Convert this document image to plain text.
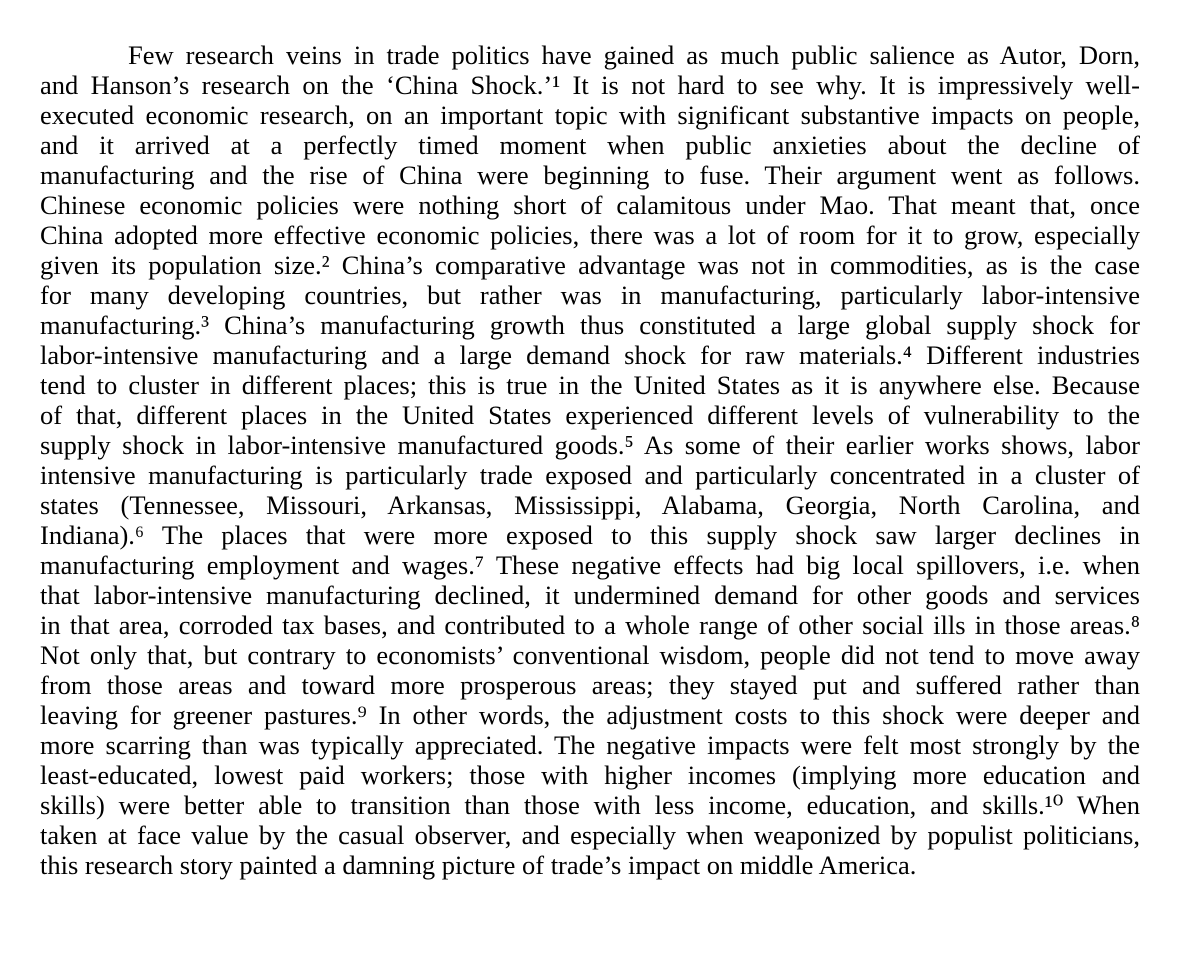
Few research veins in trade politics have gained as much public salience as Autor, Dorn,
and Hanson’s research on the ‘China Shock.’¹ It is not hard to see why. It is impressively well-
executed economic research, on an important topic with significant substantive impacts on people,
and it arrived at a perfectly timed moment when public anxieties about the decline of
manufacturing and the rise of China were beginning to fuse. Their argument went as follows.
Chinese economic policies were nothing short of calamitous under Mao. That meant that, once
China adopted more effective economic policies, there was a lot of room for it to grow, especially
given its population size.² China’s comparative advantage was not in commodities, as is the case
for many developing countries, but rather was in manufacturing, particularly labor-intensive
manufacturing.³ China’s manufacturing growth thus constituted a large global supply shock for
labor-intensive manufacturing and a large demand shock for raw materials.⁴ Different industries
tend to cluster in different places; this is true in the United States as it is anywhere else. Because
of that, different places in the United States experienced different levels of vulnerability to the
supply shock in labor-intensive manufactured goods.⁵ As some of their earlier works shows, labor
intensive manufacturing is particularly trade exposed and particularly concentrated in a cluster of
states (Tennessee, Missouri, Arkansas, Mississippi, Alabama, Georgia, North Carolina, and
Indiana).⁶ The places that were more exposed to this supply shock saw larger declines in
manufacturing employment and wages.⁷ These negative effects had big local spillovers, i.e. when
that labor-intensive manufacturing declined, it undermined demand for other goods and services
in that area, corroded tax bases, and contributed to a whole range of other social ills in those areas.⁸
Not only that, but contrary to economists’ conventional wisdom, people did not tend to move away
from those areas and toward more prosperous areas; they stayed put and suffered rather than
leaving for greener pastures.⁹ In other words, the adjustment costs to this shock were deeper and
more scarring than was typically appreciated. The negative impacts were felt most strongly by the
least-educated, lowest paid workers; those with higher incomes (implying more education and
skills) were better able to transition than those with less income, education, and skills.¹⁰ When
taken at face value by the casual observer, and especially when weaponized by populist politicians,
this research story painted a damning picture of trade’s impact on middle America.
